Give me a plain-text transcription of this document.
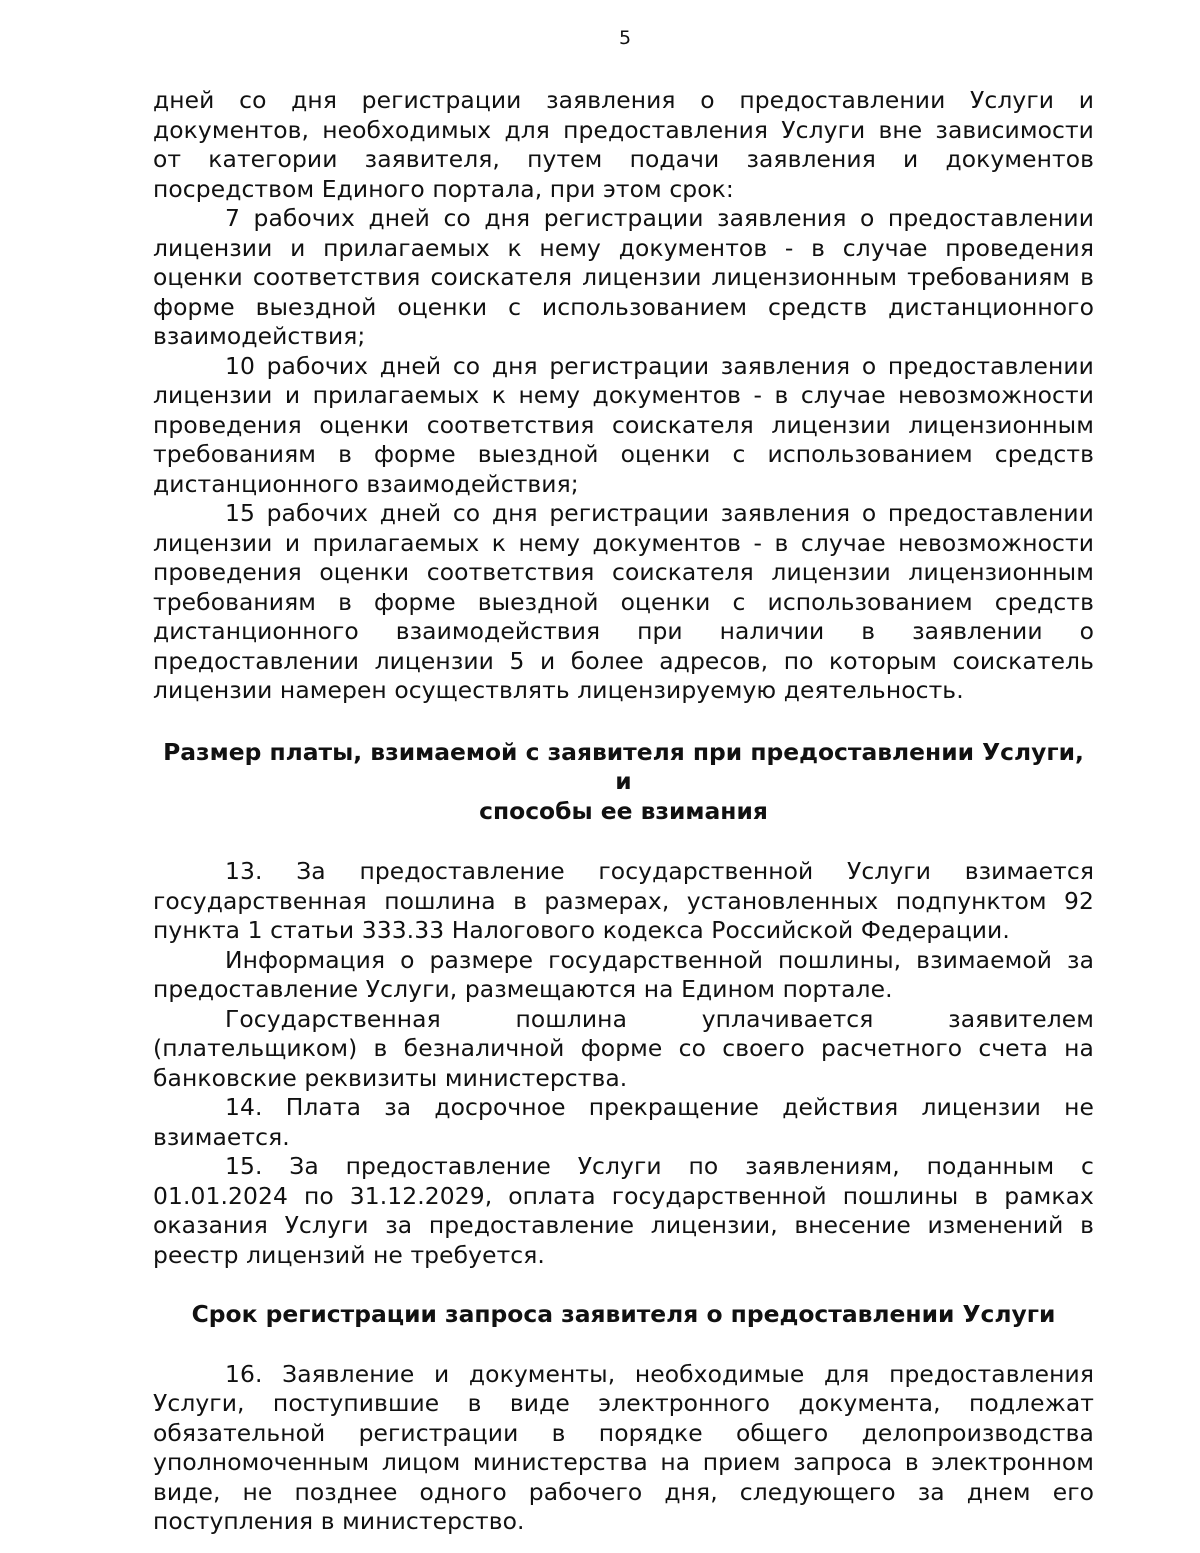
5

дней со дня регистрации заявления о предоставлении Услуги и документов, необходимых для предоставления Услуги вне зависимости от категории заявителя, путем подачи заявления и документов посредством Единого портала, при этом срок:

7 рабочих дней со дня регистрации заявления о предоставлении лицензии и прилагаемых к нему документов - в случае проведения оценки соответствия соискателя лицензии лицензионным требованиям в форме выездной оценки с использованием средств дистанционного взаимодействия;

10 рабочих дней со дня регистрации заявления о предоставлении лицензии и прилагаемых к нему документов - в случае невозможности проведения оценки соответствия соискателя лицензии лицензионным требованиям в форме выездной оценки с использованием средств дистанционного взаимодействия;

15 рабочих дней со дня регистрации заявления о предоставлении лицензии и прилагаемых к нему документов - в случае невозможности проведения оценки соответствия соискателя лицензии лицензионным требованиям в форме выездной оценки с использованием средств дистанционного взаимодействия при наличии в заявлении о предоставлении лицензии 5 и более адресов, по которым соискатель лицензии намерен осуществлять лицензируемую деятельность.

Размер платы, взимаемой с заявителя при предоставлении Услуги, и
способы ее взимания

13. За предоставление государственной Услуги взимается государственная пошлина в размерах, установленных подпунктом 92 пункта 1 статьи 333.33 Налогового кодекса Российской Федерации.

Информация о размере государственной пошлины, взимаемой за предоставление Услуги, размещаются на Едином портале.

Государственная пошлина уплачивается заявителем (плательщиком) в безналичной форме со своего расчетного счета на банковские реквизиты министерства.

14. Плата за досрочное прекращение действия лицензии не взимается.

15. За предоставление Услуги по заявлениям, поданным с 01.01.2024 по 31.12.2029, оплата государственной пошлины в рамках оказания Услуги за предоставление лицензии, внесение изменений в реестр лицензий не требуется.

Срок регистрации запроса заявителя о предоставлении Услуги

16. Заявление и документы, необходимые для предоставления Услуги, поступившие в виде электронного документа, подлежат обязательной регистрации в порядке общего делопроизводства уполномоченным лицом министерства на прием запроса в электронном виде, не позднее одного рабочего дня, следующего за днем его поступления в министерство.
